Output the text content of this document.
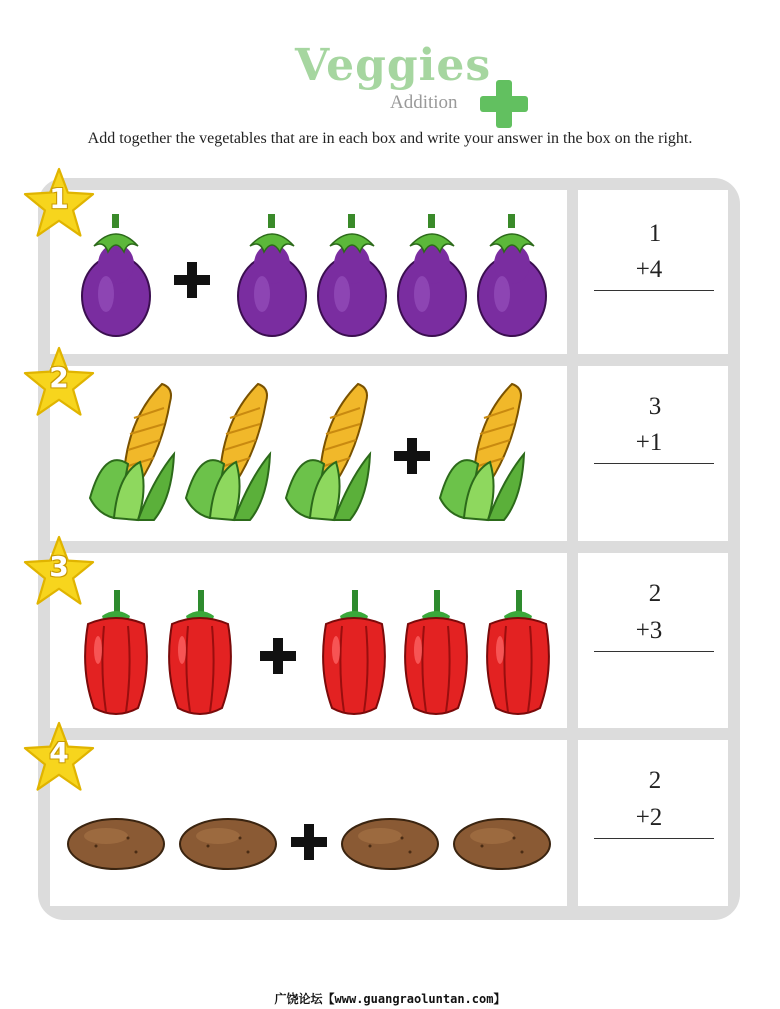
Veggies
Addition
Add together the vegetables that are in each box and write your answer in the box on the right.
1
2
3
4
1
+4
3
+1
2
+3
2
+2
广饶论坛【www.guangraoluntan.com】
